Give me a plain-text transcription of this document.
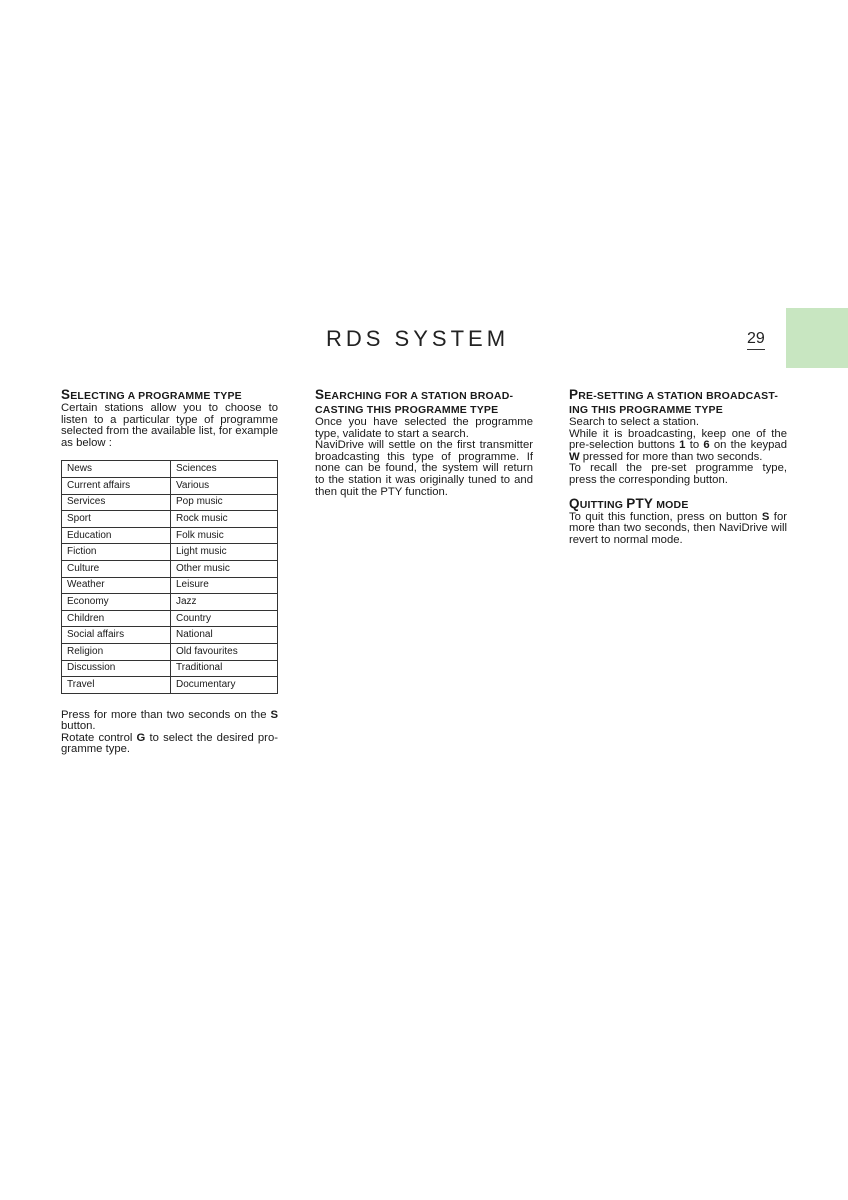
RDS SYSTEM	29
SELECTING A PROGRAMME TYPE

Certain stations allow you to choose to listen to a particular type of programme selected from the available list, for example as below :

News	Sciences
Current affairs	Various
Services	Pop music
Sport	Rock music
Education	Folk music
Fiction	Light music
Culture	Other music
Weather	Leisure
Economy	Jazz
Children	Country
Social affairs	National
Religion	Old favourites
Discussion	Traditional
Travel	Documentary

Press for more than two seconds on the S button.

Rotate control G to select the desired pro-gramme type.

SEARCHING FOR A STATION BROAD-CASTING THIS PROGRAMME TYPE

Once you have selected the programme type, validate to start a search.

NaviDrive will settle on the first transmitter broadcasting this type of programme. If none can be found, the system will return to the station it was originally tuned to and then quit the PTY function.

PRE-SETTING A STATION BROADCAST-ING THIS PROGRAMME TYPE

Search to select a station.

While it is broadcasting, keep one of the pre-selection buttons 1 to 6 on the keypad W pressed for more than two seconds.

To recall the pre-set programme type, press the corresponding button.

QUITTING PTY MODE

To quit this function, press on button S for more than two seconds, then NaviDrive will revert to normal mode.
